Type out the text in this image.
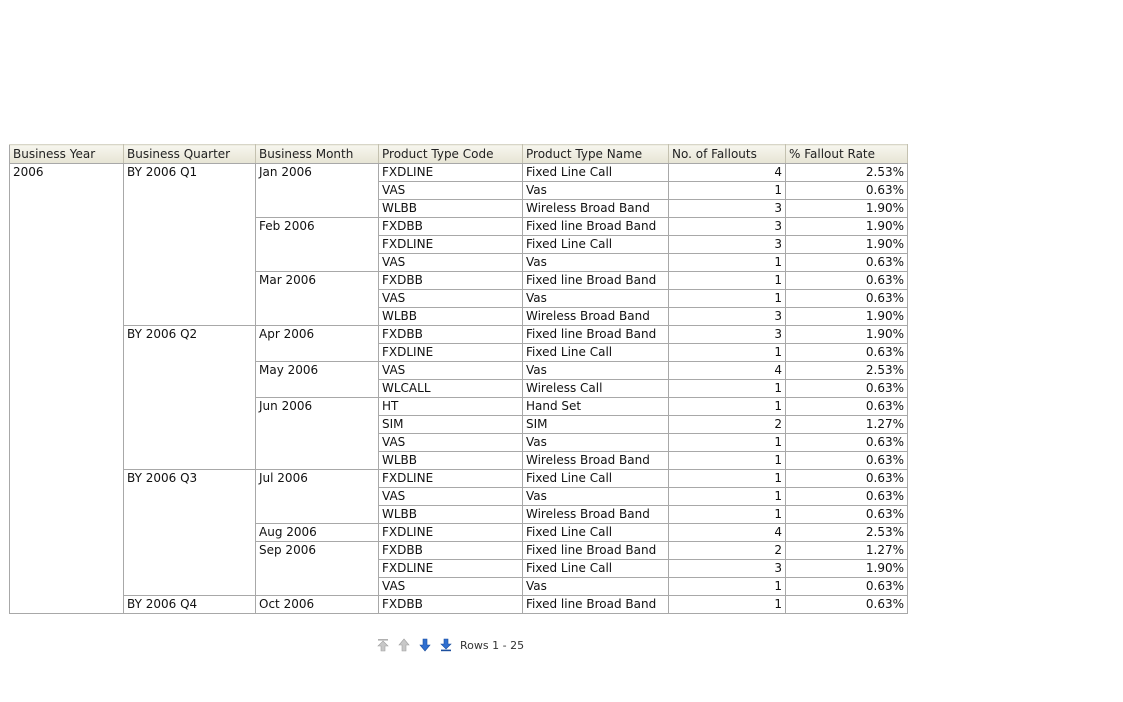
Business Year	Business Quarter	Business Month	Product Type Code	Product Type Name	No. of Fallouts	% Fallout Rate
2006	BY 2006 Q1	Jan 2006	FXDLINE	Fixed Line Call	4	2.53%
			VAS	Vas	1	0.63%
			WLBB	Wireless Broad Band	3	1.90%
		Feb 2006	FXDBB	Fixed line Broad Band	3	1.90%
			FXDLINE	Fixed Line Call	3	1.90%
			VAS	Vas	1	0.63%
		Mar 2006	FXDBB	Fixed line Broad Band	1	0.63%
			VAS	Vas	1	0.63%
			WLBB	Wireless Broad Band	3	1.90%
	BY 2006 Q2	Apr 2006	FXDBB	Fixed line Broad Band	3	1.90%
			FXDLINE	Fixed Line Call	1	0.63%
		May 2006	VAS	Vas	4	2.53%
			WLCALL	Wireless Call	1	0.63%
		Jun 2006	HT	Hand Set	1	0.63%
			SIM	SIM	2	1.27%
			VAS	Vas	1	0.63%
			WLBB	Wireless Broad Band	1	0.63%
	BY 2006 Q3	Jul 2006	FXDLINE	Fixed Line Call	1	0.63%
			VAS	Vas	1	0.63%
			WLBB	Wireless Broad Band	1	0.63%
		Aug 2006	FXDLINE	Fixed Line Call	4	2.53%
		Sep 2006	FXDBB	Fixed line Broad Band	2	1.27%
			FXDLINE	Fixed Line Call	3	1.90%
			VAS	Vas	1	0.63%
	BY 2006 Q4	Oct 2006	FXDBB	Fixed line Broad Band	1	0.63%
Rows 1 - 25
